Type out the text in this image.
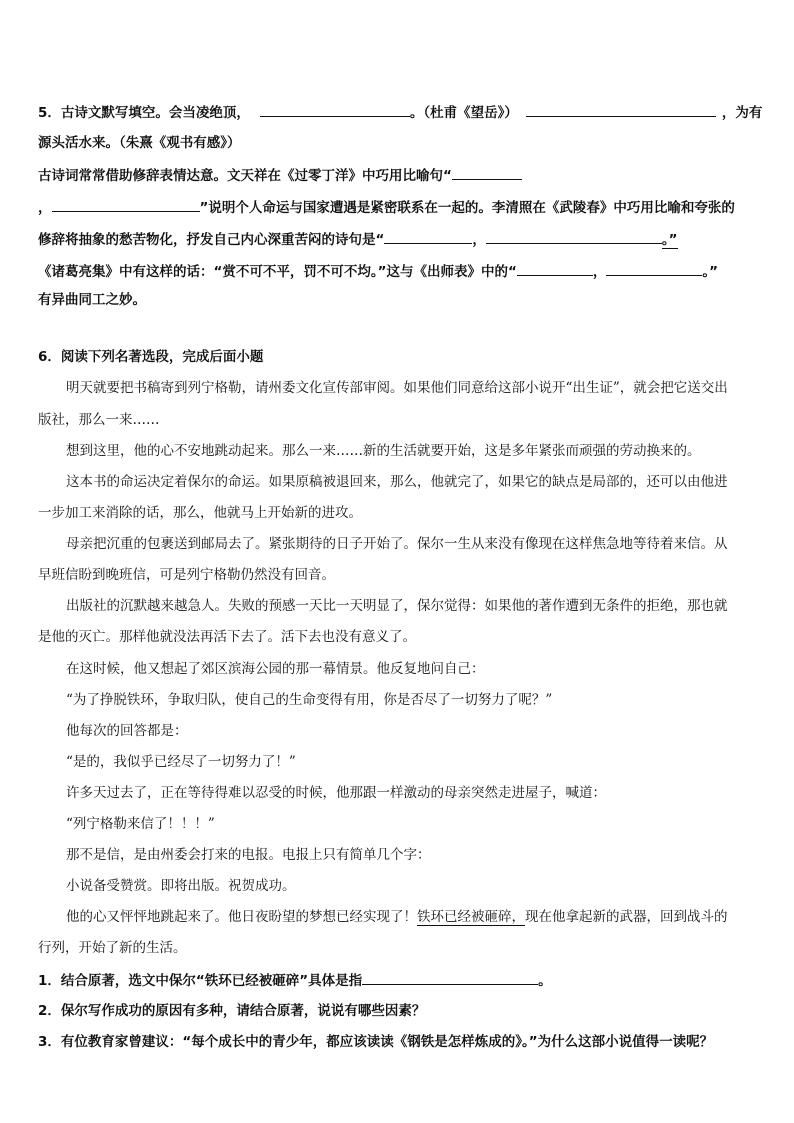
5．古诗文默写填空。会当凌绝顶，	。（杜甫《望岳》）	，为有
源头活水来。（朱熹《观书有感》）
古诗词常常借助修辞表情达意。文天祥在《过零丁洋》中巧用比喻句“
，	”说明个人命运与国家遭遇是紧密联系在一起的。李清照在《武陵春》中巧用比喻和夸张的
修辞将抽象的愁苦物化，抒发自己内心深重苦闷的诗句是“	，	。”
《诸葛亮集》中有这样的话：“赏不可不平，罚不可不均。”这与《出师表》中的“	，	。”
有异曲同工之妙。
6．阅读下列名著选段，完成后面小题
明天就要把书稿寄到列宁格勒，请州委文化宣传部审阅。如果他们同意给这部小说开“出生证”，就会把它送交出
版社，那么一来……
想到这里，他的心不安地跳动起来。那么一来……新的生活就要开始，这是多年紧张而顽强的劳动换来的。
这本书的命运决定着保尔的命运。如果原稿被退回来，那么，他就完了，如果它的缺点是局部的，还可以由他进
一步加工来消除的话，那么，他就马上开始新的进攻。
母亲把沉重的包裹送到邮局去了。紧张期待的日子开始了。保尔一生从来没有像现在这样焦急地等待着来信。从
早班信盼到晚班信，可是列宁格勒仍然没有回音。
出版社的沉默越来越急人。失败的预感一天比一天明显了，保尔觉得：如果他的著作遭到无条件的拒绝，那也就
是他的灭亡。那样他就没法再活下去了。活下去也没有意义了。
在这时候，他又想起了郊区滨海公园的那一幕情景。他反复地问自己：
“为了挣脱铁环，争取归队，使自己的生命变得有用，你是否尽了一切努力了呢？”
他每次的回答都是：
“是的，我似乎已经尽了一切努力了！”
许多天过去了，正在等待得难以忍受的时候，他那跟一样激动的母亲突然走进屋子，喊道：
“列宁格勒来信了！！！”
那不是信，是由州委会打来的电报。电报上只有简单几个字：
小说备受赞赏。即将出版。祝贺成功。
他的心又怦怦地跳起来了。他日夜盼望的梦想已经实现了！铁环已经被砸碎，现在他拿起新的武器，回到战斗的
行列，开始了新的生活。
1．结合原著，选文中保尔“铁环已经被砸碎”具体是指	。
2．保尔写作成功的原因有多种，请结合原著，说说有哪些因素？
3．有位教育家曾建议：“每个成长中的青少年，都应该读读《钢铁是怎样炼成的》。”为什么这部小说值得一读呢？
